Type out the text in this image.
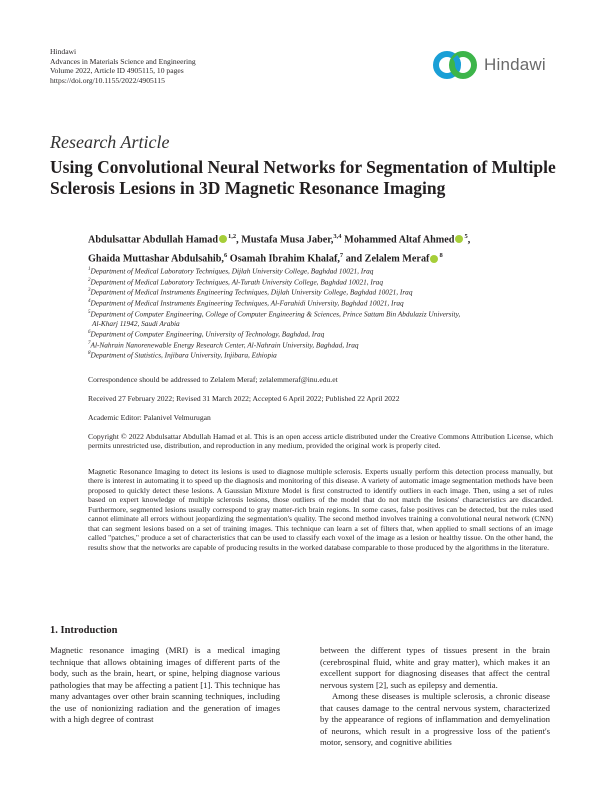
Hindawi
Advances in Materials Science and Engineering
Volume 2022, Article ID 4905115, 10 pages
https://doi.org/10.1155/2022/4905115
Hindawi
Research Article
Using Convolutional Neural Networks for Segmentation of Multiple Sclerosis Lesions in 3D Magnetic Resonance Imaging
Abdulsattar Abdullah Hamad $^{1,2}$, Mustafa Musa Jaber,$^{3,4}$ Mohammed Altaf Ahmed $^5$,
Ghaida Muttashar Abdulsahib,$^6$ Osamah Ibrahim Khalaf,$^7$ and Zelalem Meraf $^8$
$^1$Department of Medical Laboratory Techniques, Dijlah University College, Baghdad 10021, Iraq
$^2$Department of Medical Laboratory Techniques, Al-Turath University College, Baghdad 10021, Iraq
$^3$Department of Medical Instruments Engineering Techniques, Dijlah University College, Baghdad 10021, Iraq
$^4$Department of Medical Instruments Engineering Techniques, Al-Farahidi University, Baghdad 10021, Iraq
$^5$Department of Computer Engineering, College of Computer Engineering & Sciences, Prince Sattam Bin Abdulaziz University,
Al-Kharj 11942, Saudi Arabia
$^6$Department of Computer Engineering, University of Technology, Baghdad, Iraq
$^7$Al-Nahrain Nanorenewable Energy Research Center, Al-Nahrain University, Baghdad, Iraq
$^8$Department of Statistics, Injibara University, Injibara, Ethiopia
Correspondence should be addressed to Zelalem Meraf; zelalemmeraf@inu.edu.et
Received 27 February 2022; Revised 31 March 2022; Accepted 6 April 2022; Published 22 April 2022
Academic Editor: Palanivel Velmurugan
Copyright © 2022 Abdulsattar Abdullah Hamad et al. This is an open access article distributed under the Creative Commons Attribution License, which permits unrestricted use, distribution, and reproduction in any medium, provided the original work is properly cited.
Magnetic Resonance Imaging to detect its lesions is used to diagnose multiple sclerosis. Experts usually perform this detection process manually, but there is interest in automating it to speed up the diagnosis and monitoring of this disease. A variety of automatic image segmentation methods have been proposed to quickly detect these lesions. A Gaussian Mixture Model is first constructed to identify outliers in each image. Then, using a set of rules based on expert knowledge of multiple sclerosis lesions, those outliers of the model that do not match the lesions' characteristics are discarded. Furthermore, segmented lesions usually correspond to gray matter-rich brain regions. In some cases, false positives can be detected, but the rules used cannot eliminate all errors without jeopardizing the segmentation's quality. The second method involves training a convolutional neural network (CNN) that can segment lesions based on a set of training images. This technique can learn a set of filters that, when applied to small sections of an image called "patches," produce a set of characteristics that can be used to classify each voxel of the image as a lesion or healthy tissue. On the other hand, the results show that the networks are capable of producing results in the worked database comparable to those produced by the algorithms in the literature.
1. Introduction

Magnetic resonance imaging (MRI) is a medical imaging technique that allows obtaining images of different parts of the body, such as the brain, heart, or spine, helping diagnose various pathologies that may be affecting a patient [1]. This technique has many advantages over other brain scanning techniques, including the use of nonionizing radiation and the generation of images with a high degree of contrast

between the different types of tissues present in the brain (cerebrospinal fluid, white and gray matter), which makes it an excellent support for diagnosing diseases that affect the central nervous system [2], such as epilepsy and dementia.

Among these diseases is multiple sclerosis, a chronic disease that causes damage to the central nervous system, characterized by the appearance of regions of inflammation and demyelination of neurons, which result in a progressive loss of the patient's motor, sensory, and cognitive abilities
